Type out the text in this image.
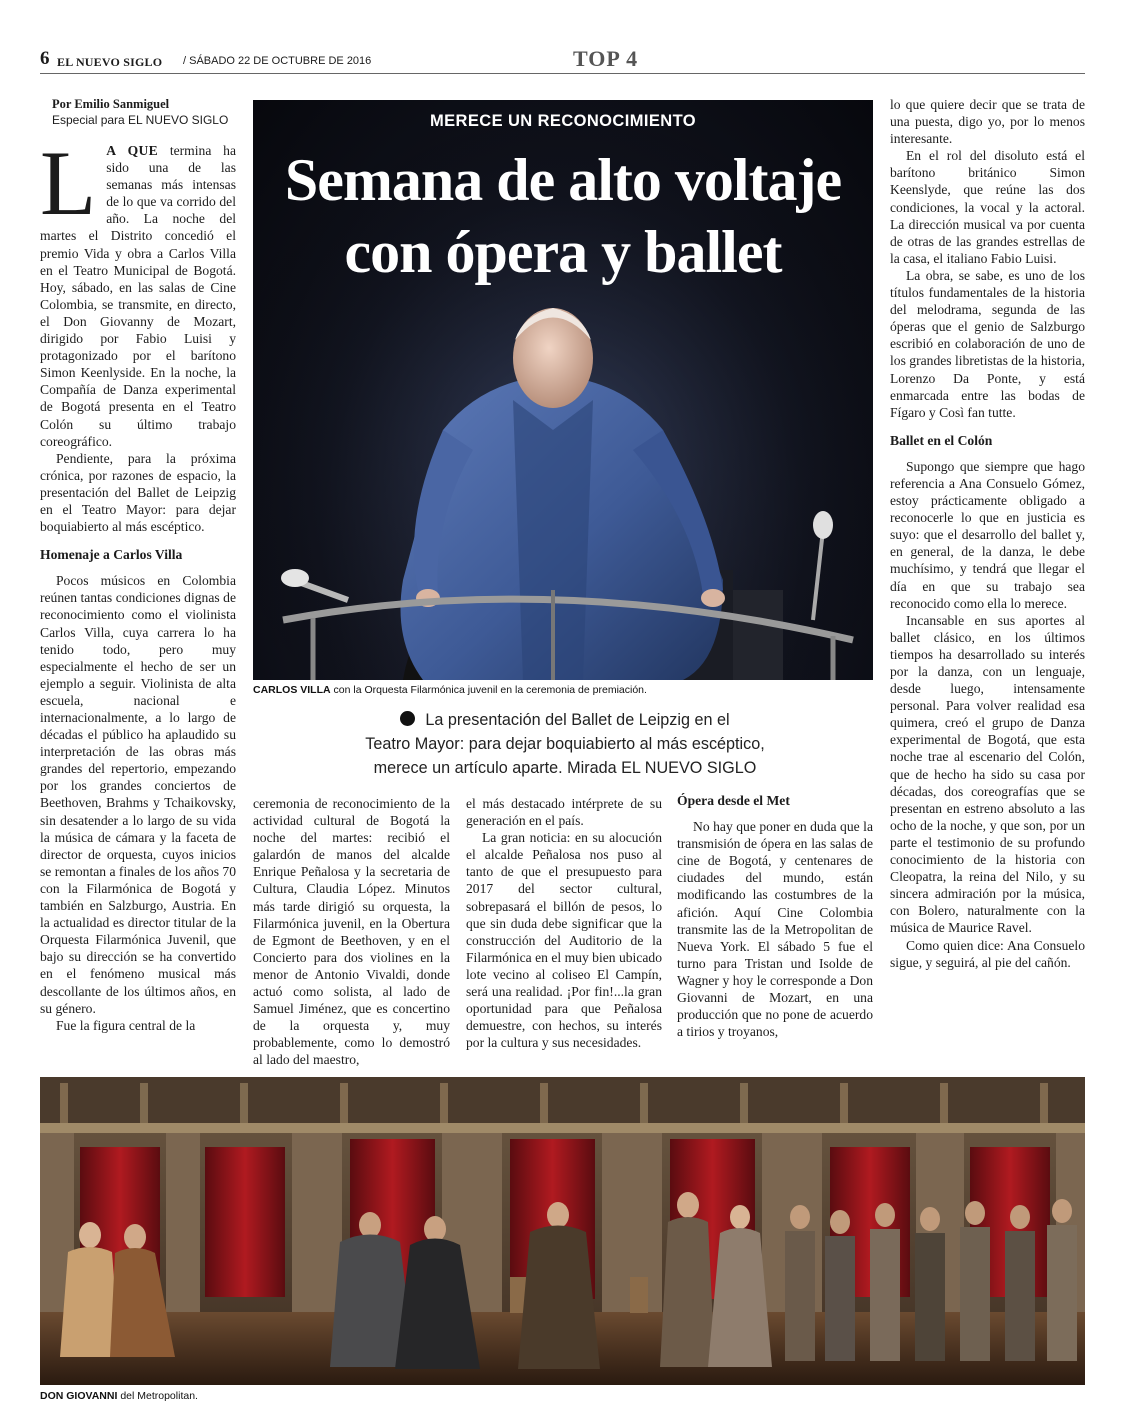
6 EL NUEVO SIGLO / SÁBADO 22 DE OCTUBRE DE 2016	TOP 4
Por Emilio Sanmiguel
Especial para EL NUEVO SIGLO

L A QUE termina ha sido una de las semanas más intensas de lo que va corrido del año. La noche del martes el Distrito concedió el premio Vida y obra a Carlos Villa en el Teatro Municipal de Bogotá. Hoy, sábado, en las salas de Cine Colombia, se transmite, en directo, el Don Giovanny de Mozart, dirigido por Fabio Luisi y protagonizado por el barítono Simon Keenlyside. En la noche, la Compañía de Danza experimental de Bogotá presenta en el Teatro Colón su último trabajo coreográfico.

Pendiente, para la próxima crónica, por razones de espacio, la presentación del Ballet de Leipzig en el Teatro Mayor: para dejar boquiabierto al más escéptico.

Homenaje a Carlos Villa

Pocos músicos en Colombia reúnen tantas condiciones dignas de reconocimiento como el violinista Carlos Villa, cuya carrera lo ha tenido todo, pero muy especialmente el hecho de ser un ejemplo a seguir. Violinista de alta escuela, nacional e internacionalmente, a lo largo de décadas el público ha aplaudido su interpretación de las obras más grandes del repertorio, empezando por los grandes conciertos de Beethoven, Brahms y Tchaikovsky, sin desatender a lo largo de su vida la música de cámara y la faceta de director de orquesta, cuyos inicios se remontan a finales de los años 70 con la Filarmónica de Bogotá y también en Salzburgo, Austria. En la actualidad es director titular de la Orquesta Filarmónica Juvenil, que bajo su dirección se ha convertido en el fenómeno musical más descollante de los últimos años, en su género.

Fue la figura central de la

MERECE UN RECONOCIMIENTO
Semana de alto voltaje
con ópera y ballet
CARLOS VILLA con la Orquesta Filarmónica juvenil en la ceremonia de premiación.
La presentación del Ballet de Leipzig en el
Teatro Mayor: para dejar boquiabierto al más escéptico,
merece un artículo aparte. Mirada EL NUEVO SIGLO

ceremonia de reconocimiento de la actividad cultural de Bogotá la noche del martes: recibió el galardón de manos del alcalde Enrique Peñalosa y la secretaria de Cultura, Claudia López. Minutos más tarde dirigió su orquesta, la Filarmónica juvenil, en la Obertura de Egmont de Beethoven, y en el Concierto para dos violines en la menor de Antonio Vivaldi, donde actuó como solista, al lado de Samuel Jiménez, que es concertino de la orquesta y, muy probablemente, como lo demostró al lado del maestro,

el más destacado intérprete de su generación en el país.

La gran noticia: en su alocución el alcalde Peñalosa nos puso al tanto de que el presupuesto para 2017 del sector cultural, sobrepasará el billón de pesos, lo que sin duda debe significar que la construcción del Auditorio de la Filarmónica en el muy bien ubicado lote vecino al coliseo El Campín, será una realidad. ¡Por fin!...la gran oportunidad para que Peñalosa demuestre, con hechos, su interés por la cultura y sus necesidades.

Ópera desde el Met

No hay que poner en duda que la transmisión de ópera en las salas de cine de Bogotá, y centenares de ciudades del mundo, están modificando las costumbres de la afición. Aquí Cine Colombia transmite las de la Metropolitan de Nueva York. El sábado 5 fue el turno para Tristan und Isolde de Wagner y hoy le corresponde a Don Giovanni de Mozart, en una producción que no pone de acuerdo a tirios y troyanos,

lo que quiere decir que se trata de una puesta, digo yo, por lo menos interesante.

En el rol del disoluto está el barítono británico Simon Keenslyde, que reúne las dos condiciones, la vocal y la actoral. La dirección musical va por cuenta de otras de las grandes estrellas de la casa, el italiano Fabio Luisi.

La obra, se sabe, es uno de los títulos fundamentales de la historia del melodrama, segunda de las óperas que el genio de Salzburgo escribió en colaboración de uno de los grandes libretistas de la historia, Lorenzo Da Ponte, y está enmarcada entre las bodas de Fígaro y Così fan tutte.

Ballet en el Colón

Supongo que siempre que hago referencia a Ana Consuelo Gómez, estoy prácticamente obligado a reconocerle lo que en justicia es suyo: que el desarrollo del ballet y, en general, de la danza, le debe muchísimo, y tendrá que llegar el día en que su trabajo sea reconocido como ella lo merece.

Incansable en sus aportes al ballet clásico, en los últimos tiempos ha desarrollado su interés por la danza, con un lenguaje, desde luego, intensamente personal. Para volver realidad esa quimera, creó el grupo de Danza experimental de Bogotá, que esta noche trae al escenario del Colón, que de hecho ha sido su casa por décadas, dos coreografías que se presentan en estreno absoluto a las ocho de la noche, y que son, por un parte el testimonio de su profundo conocimiento de la historia con Cleopatra, la reina del Nilo, y su sincera admiración por la música, con Bolero, naturalmente con la música de Maurice Ravel.

Como quien dice: Ana Consuelo sigue, y seguirá, al pie del cañón.

DON GIOVANNI del Metropolitan.
